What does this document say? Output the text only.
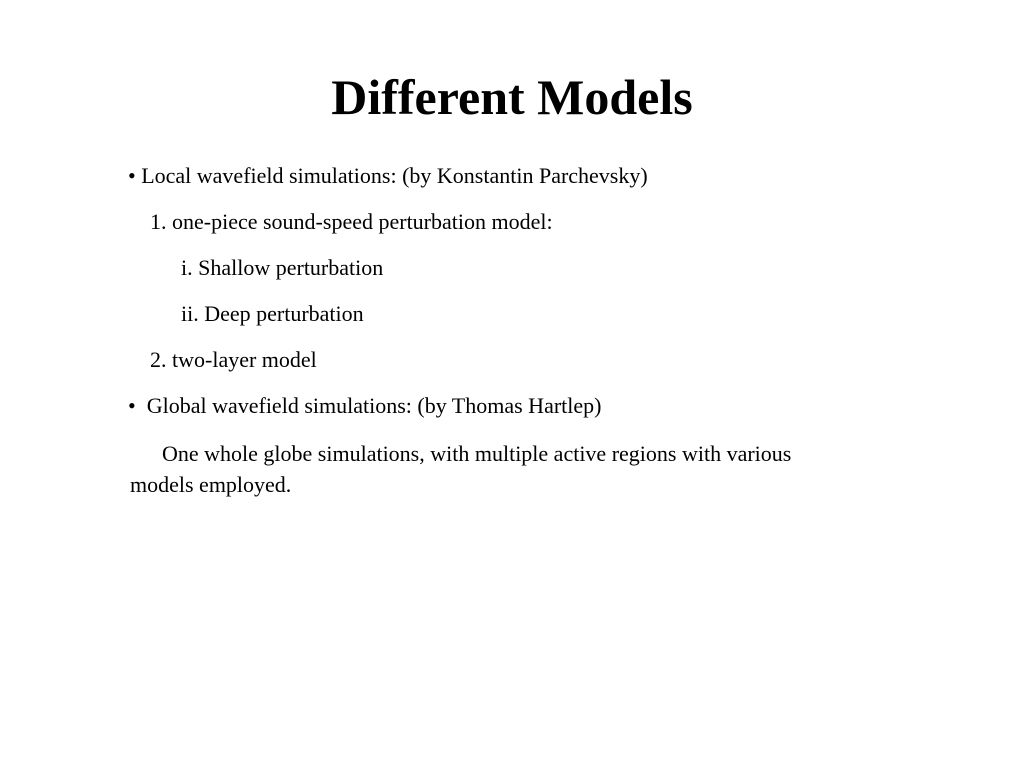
Different Models

• Local wavefield simulations: (by Konstantin Parchevsky)

1. one-piece sound-speed perturbation model:

i. Shallow perturbation

ii. Deep perturbation

2. two-layer model

•  Global wavefield simulations: (by Thomas Hartlep)

One whole globe simulations, with multiple active regions with various models employed.
